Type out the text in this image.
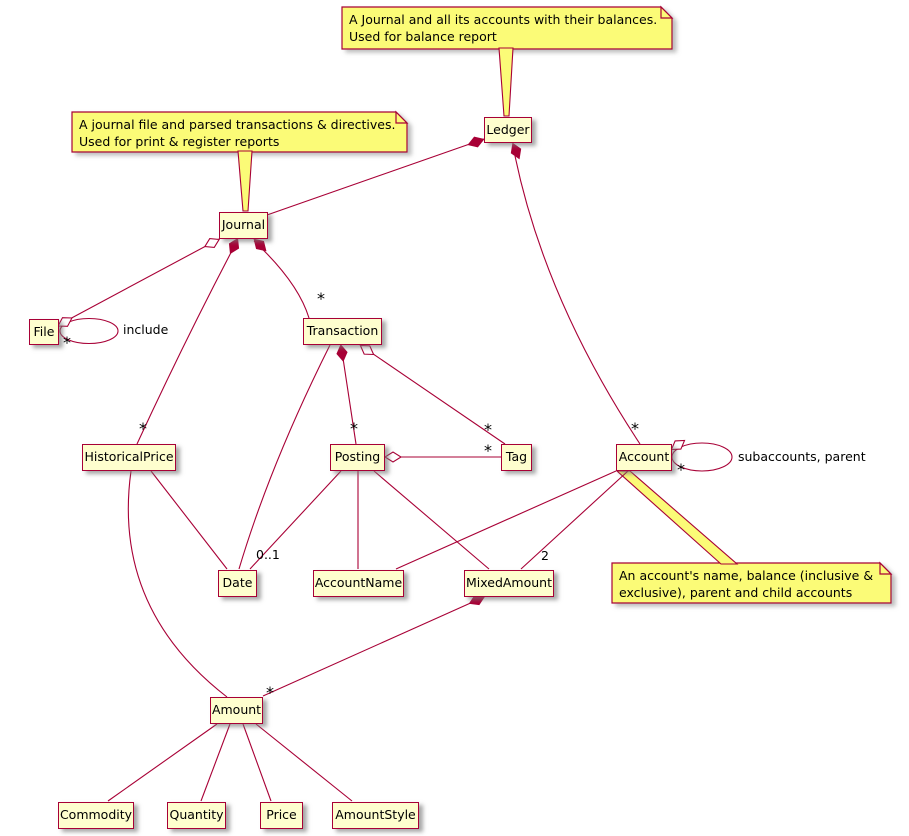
Ledger
Journal
File	Transaction
HistoricalPrice	Posting	Tag	Account
Date	AccountName	MixedAmount
Amount
Commodity	Quantity	Price	AmountStyle
A Journal and all its accounts with their balances.
Used for balance report
A journal file and parsed transactions & directives.
Used for print & register reports
An account's name, balance (inclusive &
exclusive), parent and child accounts
include
*
subaccounts, parent
*
*
*
*
*	*
*
0..1	2
*
